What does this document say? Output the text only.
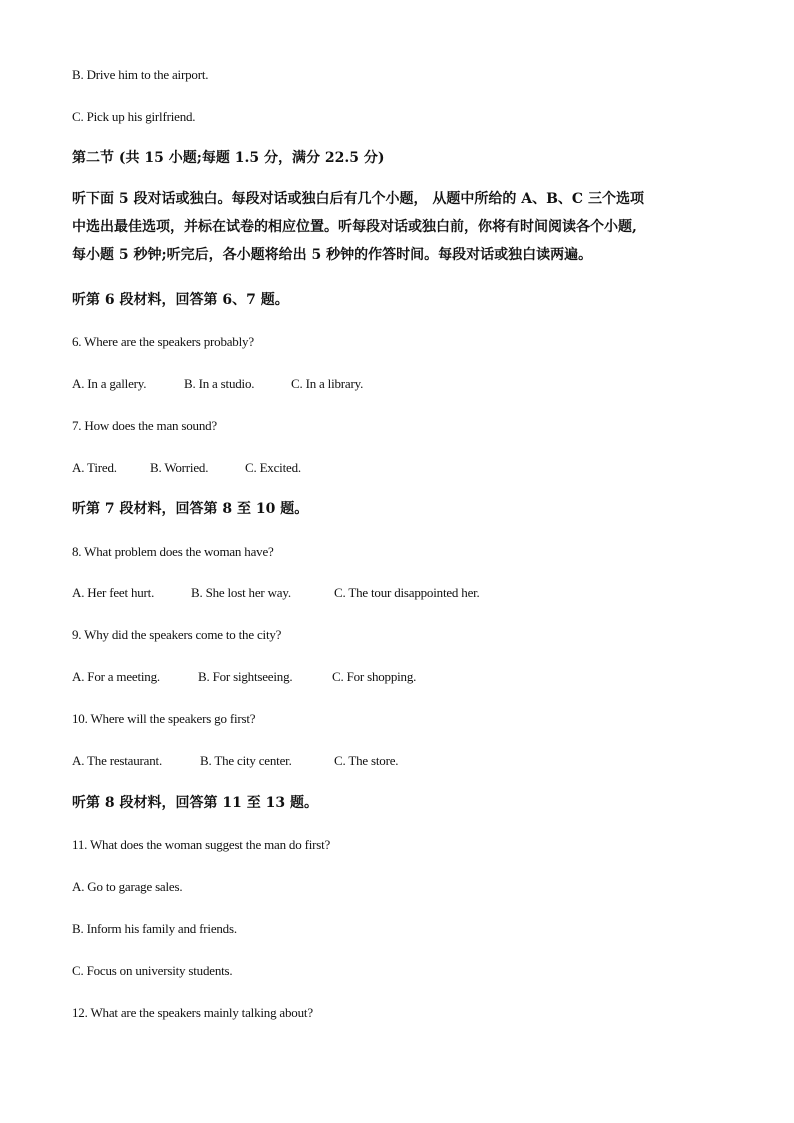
B. Drive him to the airport.
C. Pick up his girlfriend.
第二节 (共 15 小题;每题 1.5 分，满分 22.5 分)
听下面 5 段对话或独白。每段对话或独白后有几个小题， 从题中所给的 A、B、C 三个选项
中选出最佳选项，并标在试卷的相应位置。听每段对话或独白前，你将有时间阅读各个小题,
每小题 5 秒钟;听完后，各小题将给出 5 秒钟的作答时间。每段对话或独白读两遍。
听第 6 段材料，回答第 6、7 题。
6. Where are the speakers probably?
A. In a gallery.	B. In a studio.	C. In a library.
7. How does the man sound?
A. Tired.	B. Worried.	C. Excited.
听第 7 段材料，回答第 8 至 10 题。
8. What problem does the woman have?
A. Her feet hurt.	B. She lost her way.	C. The tour disappointed her.
9. Why did the speakers come to the city?
A. For a meeting.	B. For sightseeing.	C. For shopping.
10. Where will the speakers go first?
A. The restaurant.	B. The city center.	C. The store.
听第 8 段材料，回答第 11 至 13 题。
11. What does the woman suggest the man do first?
A. Go to garage sales.
B. Inform his family and friends.
C. Focus on university students.
12. What are the speakers mainly talking about?
